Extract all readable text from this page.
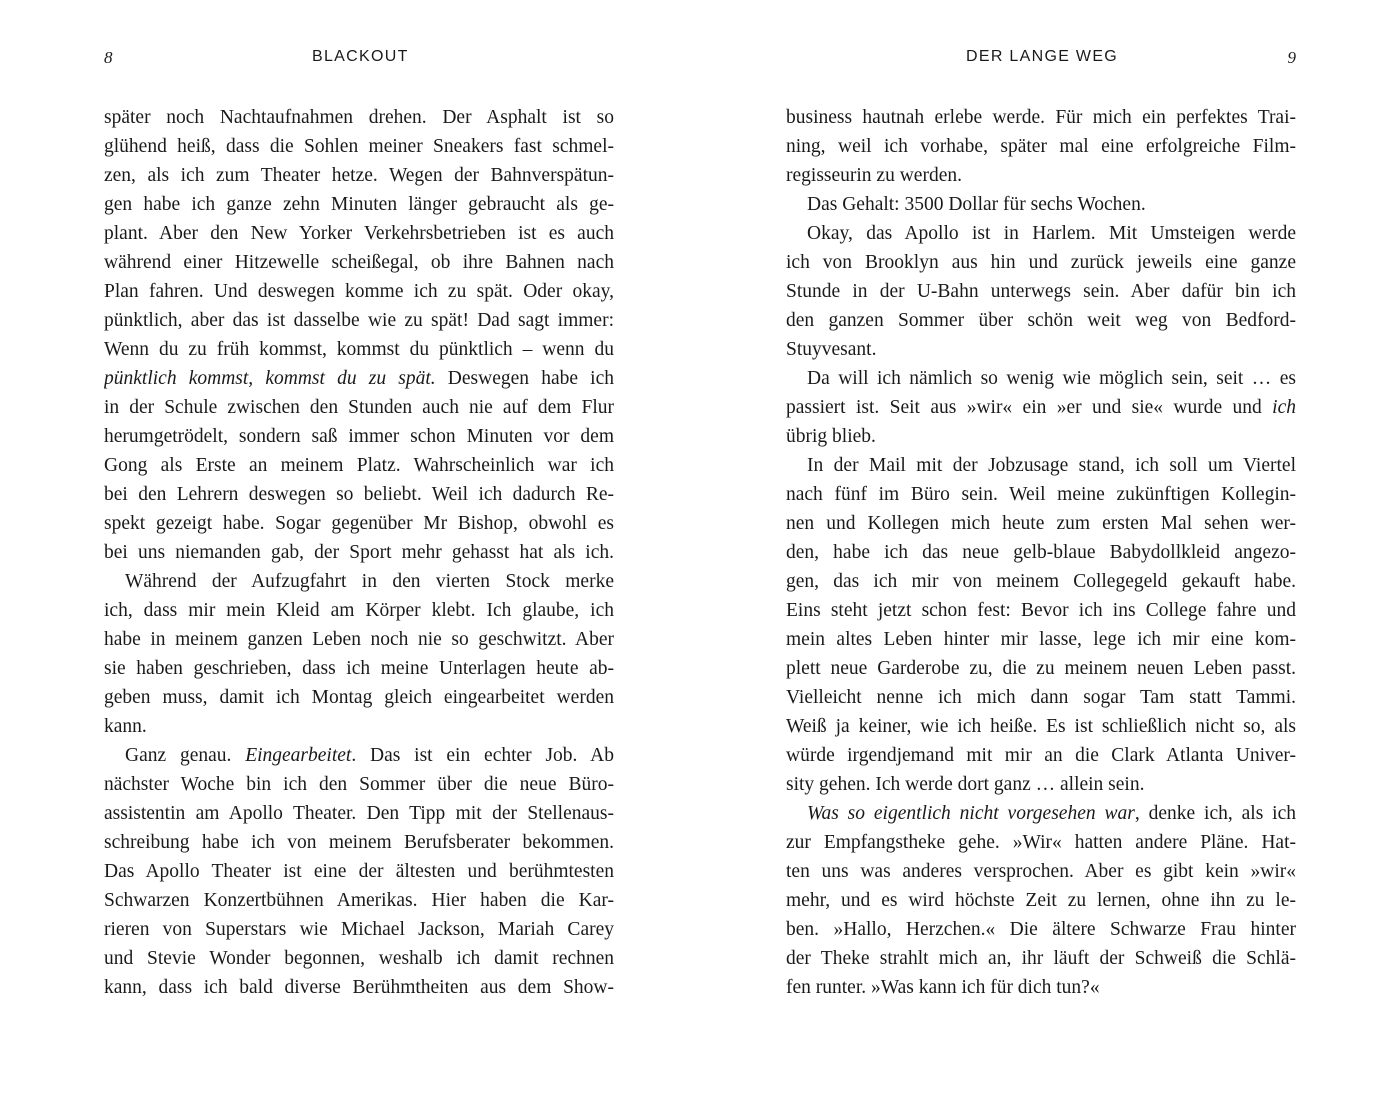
8	BLACKOUT
später noch Nachtaufnahmen drehen. Der Asphalt ist so
glühend heiß, dass die Sohlen meiner Sneakers fast schmel-
zen, als ich zum Theater hetze. Wegen der Bahnverspätun-
gen habe ich ganze zehn Minuten länger gebraucht als ge-
plant. Aber den New Yorker Verkehrsbetrieben ist es auch
während einer Hitzewelle scheißegal, ob ihre Bahnen nach
Plan fahren. Und deswegen komme ich zu spät. Oder okay,
pünktlich, aber das ist dasselbe wie zu spät! Dad sagt immer:
Wenn du zu früh kommst, kommst du pünktlich – wenn du
pünktlich kommst, kommst du zu spät. Deswegen habe ich
in der Schule zwischen den Stunden auch nie auf dem Flur
herumgetrödelt, sondern saß immer schon Minuten vor dem
Gong als Erste an meinem Platz. Wahrscheinlich war ich
bei den Lehrern deswegen so beliebt. Weil ich dadurch Re-
spekt gezeigt habe. Sogar gegenüber Mr Bishop, obwohl es
bei uns niemanden gab, der Sport mehr gehasst hat als ich.
Während der Aufzugfahrt in den vierten Stock merke
ich, dass mir mein Kleid am Körper klebt. Ich glaube, ich
habe in meinem ganzen Leben noch nie so geschwitzt. Aber
sie haben geschrieben, dass ich meine Unterlagen heute ab-
geben muss, damit ich Montag gleich eingearbeitet werden
kann.
Ganz genau. Eingearbeitet. Das ist ein echter Job. Ab
nächster Woche bin ich den Sommer über die neue Büro-
assistentin am Apollo Theater. Den Tipp mit der Stellenaus-
schreibung habe ich von meinem Berufsberater bekommen.
Das Apollo Theater ist eine der ältesten und berühmtesten
Schwarzen Konzertbühnen Amerikas. Hier haben die Kar-
rieren von Superstars wie Michael Jackson, Mariah Carey
und Stevie Wonder begonnen, weshalb ich damit rechnen
kann, dass ich bald diverse Berühmtheiten aus dem Show-
DER LANGE WEG	9
business hautnah erlebe werde. Für mich ein perfektes Trai-
ning, weil ich vorhabe, später mal eine erfolgreiche Film-
regisseurin zu werden.
Das Gehalt: 3500 Dollar für sechs Wochen.
Okay, das Apollo ist in Harlem. Mit Umsteigen werde
ich von Brooklyn aus hin und zurück jeweils eine ganze
Stunde in der U-Bahn unterwegs sein. Aber dafür bin ich
den ganzen Sommer über schön weit weg von Bedford-
Stuyvesant.
Da will ich nämlich so wenig wie möglich sein, seit … es
passiert ist. Seit aus »wir« ein »er und sie« wurde und ich
übrig blieb.
In der Mail mit der Jobzusage stand, ich soll um Viertel
nach fünf im Büro sein. Weil meine zukünftigen Kollegin-
nen und Kollegen mich heute zum ersten Mal sehen wer-
den, habe ich das neue gelb-blaue Babydollkleid angezo-
gen, das ich mir von meinem Collegegeld gekauft habe.
Eins steht jetzt schon fest: Bevor ich ins College fahre und
mein altes Leben hinter mir lasse, lege ich mir eine kom-
plett neue Garderobe zu, die zu meinem neuen Leben passt.
Vielleicht nenne ich mich dann sogar Tam statt Tammi.
Weiß ja keiner, wie ich heiße. Es ist schließlich nicht so, als
würde irgendjemand mit mir an die Clark Atlanta Univer-
sity gehen. Ich werde dort ganz … allein sein.
Was so eigentlich nicht vorgesehen war, denke ich, als ich
zur Empfangstheke gehe. »Wir« hatten andere Pläne. Hat-
ten uns was anderes versprochen. Aber es gibt kein »wir«
mehr, und es wird höchste Zeit zu lernen, ohne ihn zu le-
ben. »Hallo, Herzchen.« Die ältere Schwarze Frau hinter
der Theke strahlt mich an, ihr läuft der Schweiß die Schlä-
fen runter. »Was kann ich für dich tun?«
